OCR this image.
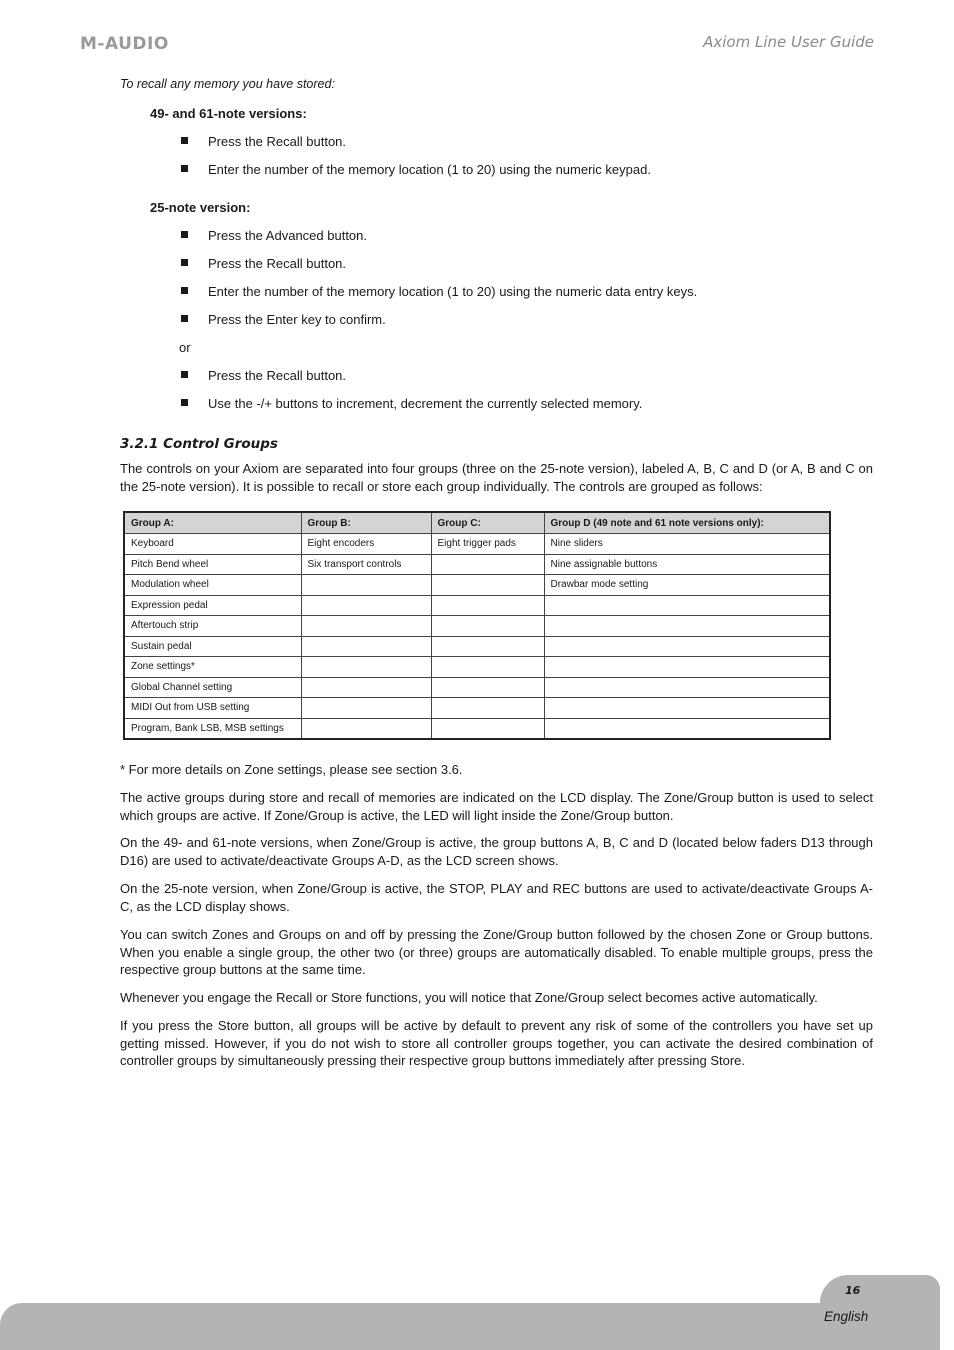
M-AUDIO	Axiom Line User Guide
To recall any memory you have stored:
49- and 61-note versions:
Press the Recall button.
Enter the number of the memory location (1 to 20) using the numeric keypad.
25-note version:
Press the Advanced button.
Press the Recall button.
Enter the number of the memory location (1 to 20) using the numeric data entry keys.
Press the Enter key to confirm.
or
Press the Recall button.
Use the -/+ buttons to increment, decrement the currently selected memory.
3.2.1 Control Groups

The controls on your Axiom are separated into four groups (three on the 25-note version), labeled A, B, C and D (or A, B and C on the 25-note version). It is possible to recall or store each group individually. The controls are grouped as follows:

Group A:	Group B:	Group C:	Group D (49 note and 61 note versions only):
Keyboard	Eight encoders	Eight trigger pads	Nine sliders
Pitch Bend wheel	Six transport controls		Nine assignable buttons
Modulation wheel			Drawbar mode setting
Expression pedal			
Aftertouch strip			
Sustain pedal			
Zone settings*			
Global Channel setting			
MIDI Out from USB setting			
Program, Bank LSB, MSB settings			

* For more details on Zone settings, please see section 3.6.

The active groups during store and recall of memories are indicated on the LCD display. The Zone/Group button is used to select which groups are active. If Zone/Group is active, the LED will light inside the Zone/Group button.

On the 49- and 61-note versions, when Zone/Group is active, the group buttons A, B, C and D (located below faders D13 through D16) are used to activate/deactivate Groups A-D, as the LCD screen shows.

On the 25-note version, when Zone/Group is active, the STOP, PLAY and REC buttons are used to activate/deactivate Groups A-C, as the LCD display shows.

You can switch Zones and Groups on and off by pressing the Zone/Group button followed by the chosen Zone or Group buttons. When you enable a single group, the other two (or three) groups are automatically disabled. To enable multiple groups, press the respective group buttons at the same time.

Whenever you engage the Recall or Store functions, you will notice that Zone/Group select becomes active automatically.

If you press the Store button, all groups will be active by default to prevent any risk of some of the controllers you have set up getting missed. However, if you do not wish to store all controller groups together, you can activate the desired combination of controller groups by simultaneously pressing their respective group buttons immediately after pressing Store.

16
English
